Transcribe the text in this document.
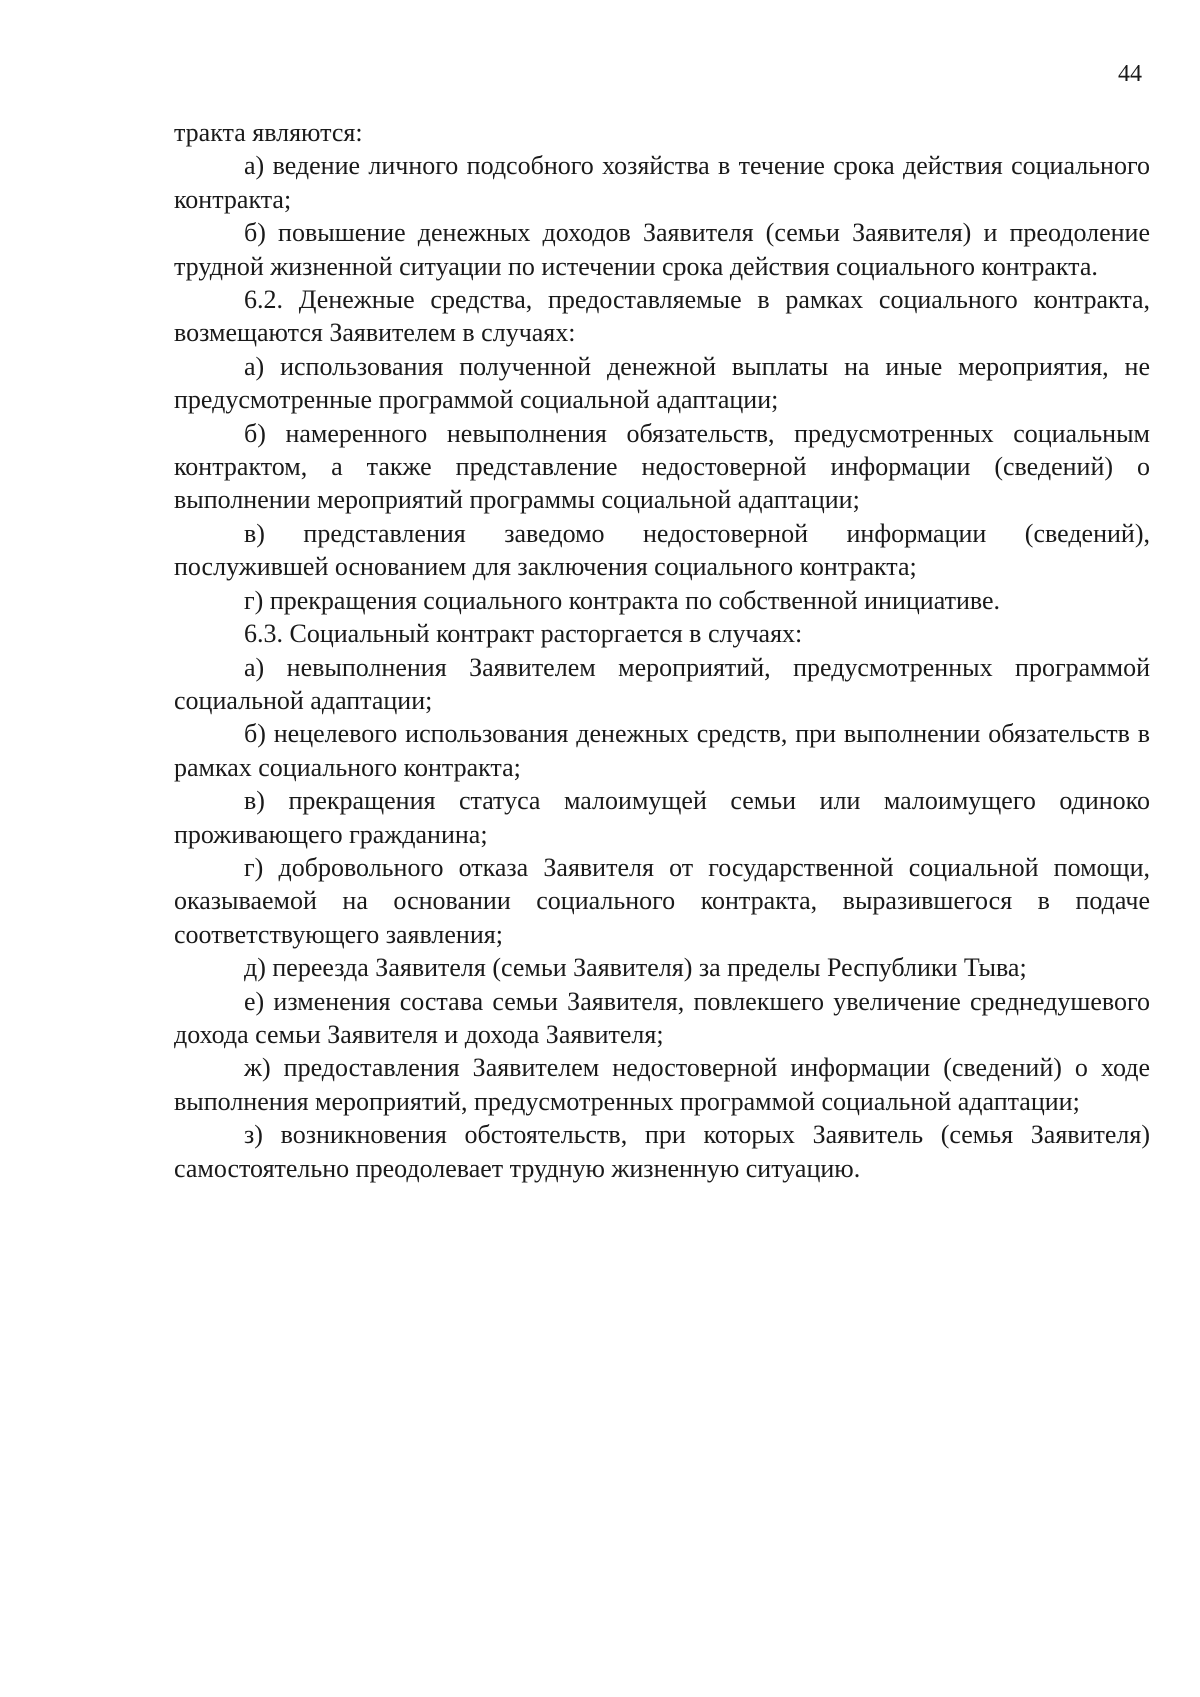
44

тракта являются:

а) ведение личного подсобного хозяйства в течение срока действия социального контракта;

б) повышение денежных доходов Заявителя (семьи Заявителя) и преодоление трудной жизненной ситуации по истечении срока действия социального контракта.

6.2. Денежные средства, предоставляемые в рамках социального контракта, возмещаются Заявителем в случаях:

а) использования полученной денежной выплаты на иные мероприятия, не предусмотренные программой социальной адаптации;

б) намеренного невыполнения обязательств, предусмотренных социальным контрактом, а также представление недостоверной информации (сведений) о выполнении мероприятий программы социальной адаптации;

в) представления заведомо недостоверной информации (сведений), послужившей основанием для заключения социального контракта;

г) прекращения социального контракта по собственной инициативе.

6.3. Социальный контракт расторгается в случаях:

а) невыполнения Заявителем мероприятий, предусмотренных программой социальной адаптации;

б) нецелевого использования денежных средств, при выполнении обязательств в рамках социального контракта;

в) прекращения статуса малоимущей семьи или малоимущего одиноко проживающего гражданина;

г) добровольного отказа Заявителя от государственной социальной помощи, оказываемой на основании социального контракта, выразившегося в подаче соответствующего заявления;

д) переезда Заявителя (семьи Заявителя) за пределы Республики Тыва;

е) изменения состава семьи Заявителя, повлекшего увеличение среднедушевого дохода семьи Заявителя и дохода Заявителя;

ж) предоставления Заявителем недостоверной информации (сведений) о ходе выполнения мероприятий, предусмотренных программой социальной адаптации;

з) возникновения обстоятельств, при которых Заявитель (семья Заявителя) самостоятельно преодолевает трудную жизненную ситуацию.
